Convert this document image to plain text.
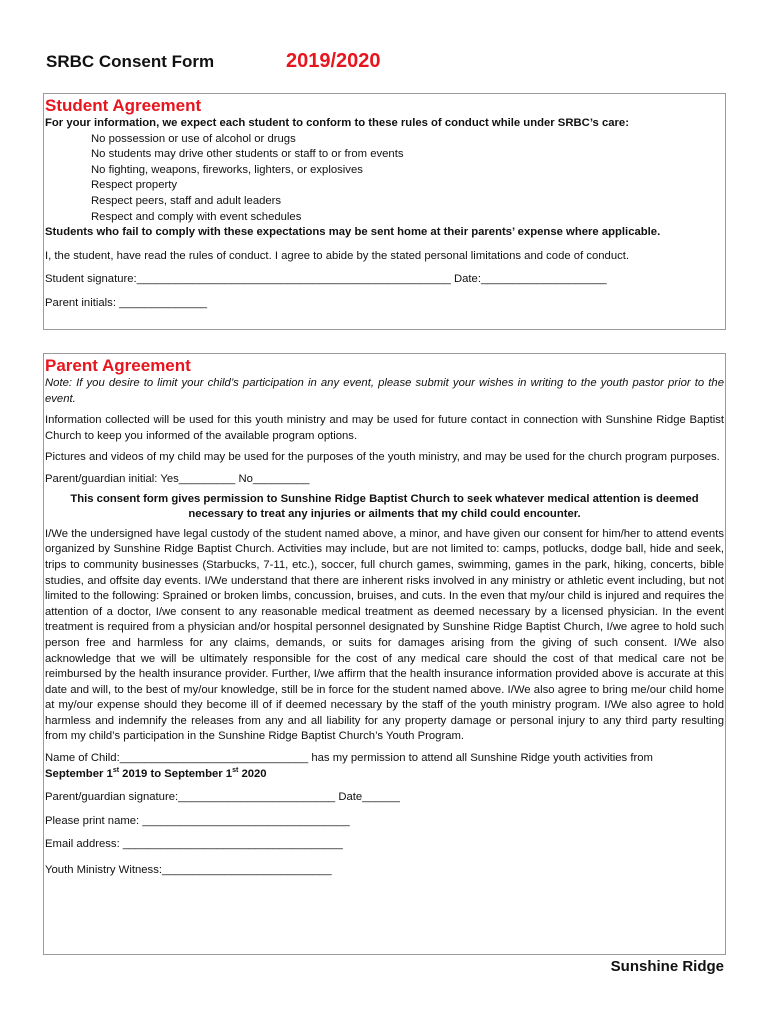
SRBC Consent Form	2019/2020
Student Agreement
For your information, we expect each student to conform to these rules of conduct while under SRBC’s care:
No possession or use of alcohol or drugs
No students may drive other students or staff to or from events
No fighting, weapons, fireworks, lighters, or explosives
Respect property
Respect peers, staff and adult leaders
Respect and comply with event schedules
Students who fail to comply with these expectations may be sent home at their parents’ expense where applicable.
I, the student, have read the rules of conduct. I agree to abide by the stated personal limitations and code of conduct.
Student signature:__________________________________________________ Date:____________________
Parent initials: ______________
Parent Agreement
Note: If you desire to limit your child’s participation in any event, please submit your wishes in writing to the youth pastor prior to the event.
Information collected will be used for this youth ministry and may be used for future contact in connection with Sunshine Ridge Baptist Church to keep you informed of the available program options.
Pictures and videos of my child may be used for the purposes of the youth ministry, and may be used for the church program purposes.
Parent/guardian initial: Yes_________ No_________
This consent form gives permission to Sunshine Ridge Baptist Church to seek whatever medical attention is deemed necessary to treat any injuries or ailments that my child could encounter.
I/We the undersigned have legal custody of the student named above, a minor, and have given our consent for him/her to attend events organized by Sunshine Ridge Baptist Church. Activities may include, but are not limited to: camps, potlucks, dodge ball, hide and seek, trips to community businesses (Starbucks, 7-11, etc.), soccer, full church games, swimming, games in the park, hiking, concerts, bible studies, and offsite day events. I/We understand that there are inherent risks involved in any ministry or athletic event including, but not limited to the following: Sprained or broken limbs, concussion, bruises, and cuts. In the even that my/our child is injured and requires the attention of a doctor, I/we consent to any reasonable medical treatment as deemed necessary by a licensed physician. In the event treatment is required from a physician and/or hospital personnel designated by Sunshine Ridge Baptist Church, I/we agree to hold such person free and harmless for any claims, demands, or suits for damages arising from the giving of such consent. I/We also acknowledge that we will be ultimately responsible for the cost of any medical care should the cost of that medical care not be reimbursed by the health insurance provider. Further, I/we affirm that the health insurance information provided above is accurate at this date and will, to the best of my/our knowledge, still be in force for the student named above. I/We also agree to bring me/our child home at my/our expense should they become ill of if deemed necessary by the staff of the youth ministry program. I/We also agree to hold harmless and indemnify the releases from any and all liability for any property damage or personal injury to any third party resulting from my child’s participation in the Sunshine Ridge Baptist Church’s Youth Program.
Name of Child:______________________________ has my permission to attend all Sunshine Ridge youth activities from
September 1st 2019 to September 1st 2020
Parent/guardian signature:_________________________ Date______
Please print name: _________________________________
Email address: ___________________________________
Youth Ministry Witness:___________________________
Sunshine Ridge
